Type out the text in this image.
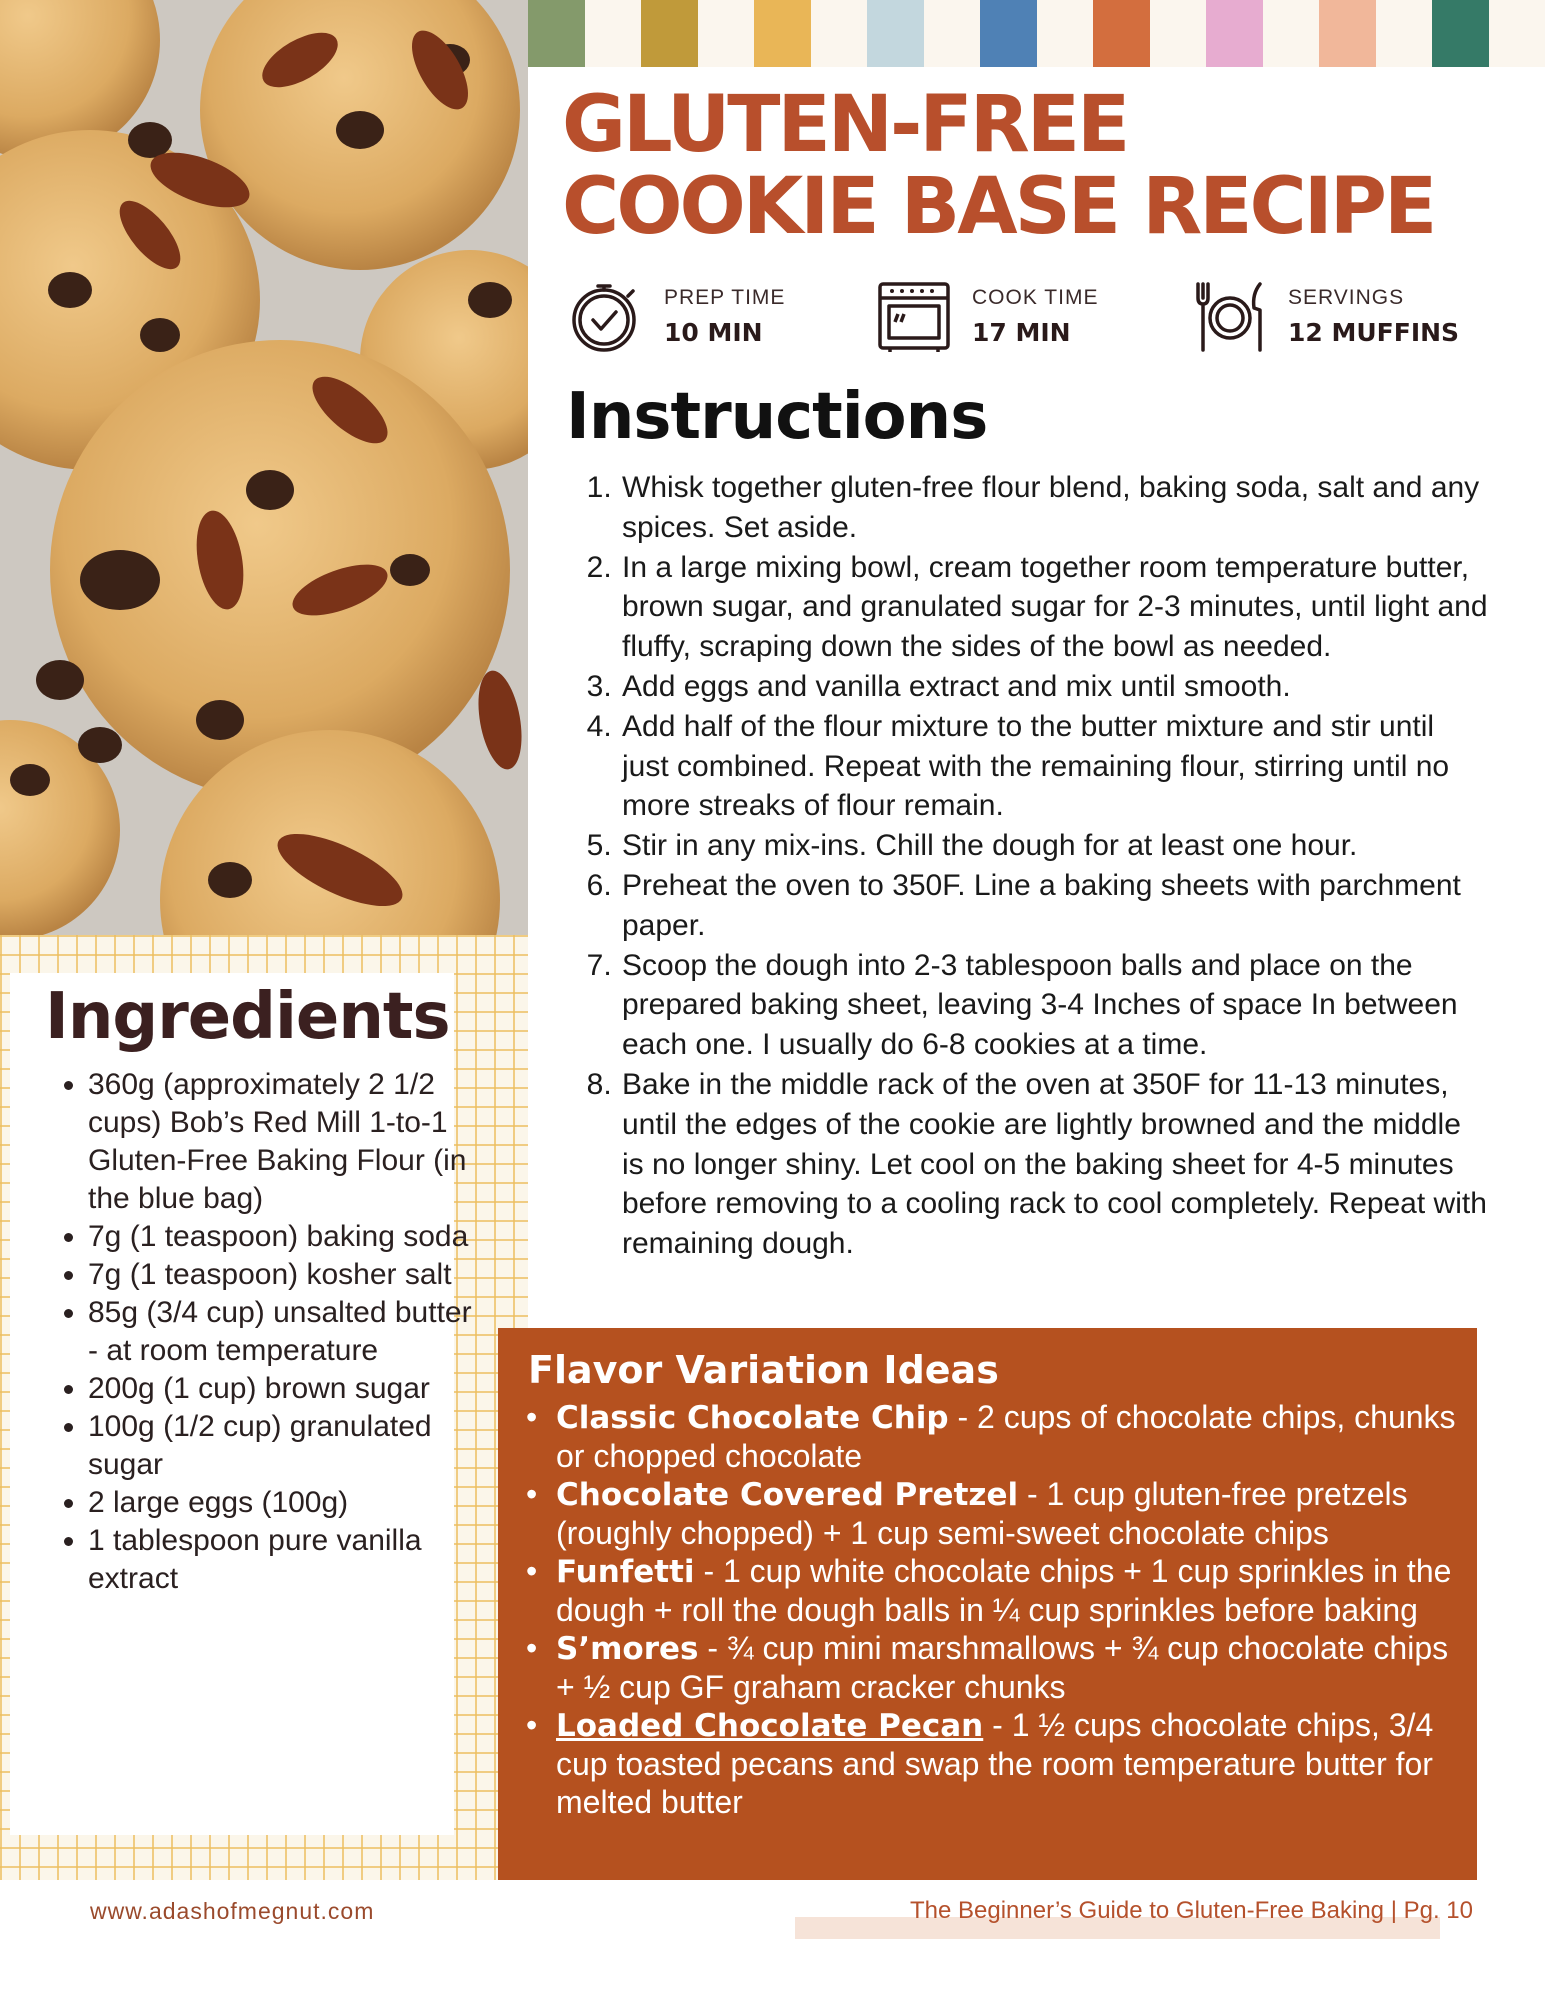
Ingredients
• 360g (approximately 2 1/2 cups) Bob’s Red Mill 1-to-1 Gluten-Free Baking Flour (in the blue bag)
• 7g (1 teaspoon) baking soda
• 7g (1 teaspoon) kosher salt
• 85g (3/4 cup) unsalted butter - at room temperature
• 200g (1 cup) brown sugar
• 100g (1/2 cup) granulated sugar
• 2 large eggs (100g)
• 1 tablespoon pure vanilla extract
GLUTEN-FREE
COOKIE BASE RECIPE
PREP TIME
10 MIN
COOK TIME
17 MIN
SERVINGS
12 MUFFINS
Instructions
1. Whisk together gluten-free flour blend, baking soda, salt and any spices. Set aside.
2. In a large mixing bowl, cream together room temperature butter, brown sugar, and granulated sugar for 2-3 minutes, until light and fluffy, scraping down the sides of the bowl as needed.
3. Add eggs and vanilla extract and mix until smooth.
4. Add half of the flour mixture to the butter mixture and stir until just combined. Repeat with the remaining flour, stirring until no more streaks of flour remain.
5. Stir in any mix-ins. Chill the dough for at least one hour.
6. Preheat the oven to 350F. Line a baking sheets with parchment paper.
7. Scoop the dough into 2-3 tablespoon balls and place on the prepared baking sheet, leaving 3-4 Inches of space In between each one. I usually do 6-8 cookies at a time.
8. Bake in the middle rack of the oven at 350F for 11-13 minutes, until the edges of the cookie are lightly browned and the middle is no longer shiny. Let cool on the baking sheet for 4-5 minutes before removing to a cooling rack to cool completely. Repeat with remaining dough.
Flavor Variation Ideas
• Classic Chocolate Chip - 2 cups of chocolate chips, chunks or chopped chocolate
• Chocolate Covered Pretzel - 1 cup gluten-free pretzels (roughly chopped) + 1 cup semi-sweet chocolate chips
• Funfetti - 1 cup white chocolate chips + 1 cup sprinkles in the dough + roll the dough balls in ¼ cup sprinkles before baking
• S’mores - ¾ cup mini marshmallows + ¾ cup chocolate chips + ½ cup GF graham cracker chunks
• Loaded Chocolate Pecan - 1 ½ cups chocolate chips, 3/4 cup toasted pecans and swap the room temperature butter for melted butter
www.adashofmegnut.com	The Beginner’s Guide to Gluten-Free Baking | Pg. 10
